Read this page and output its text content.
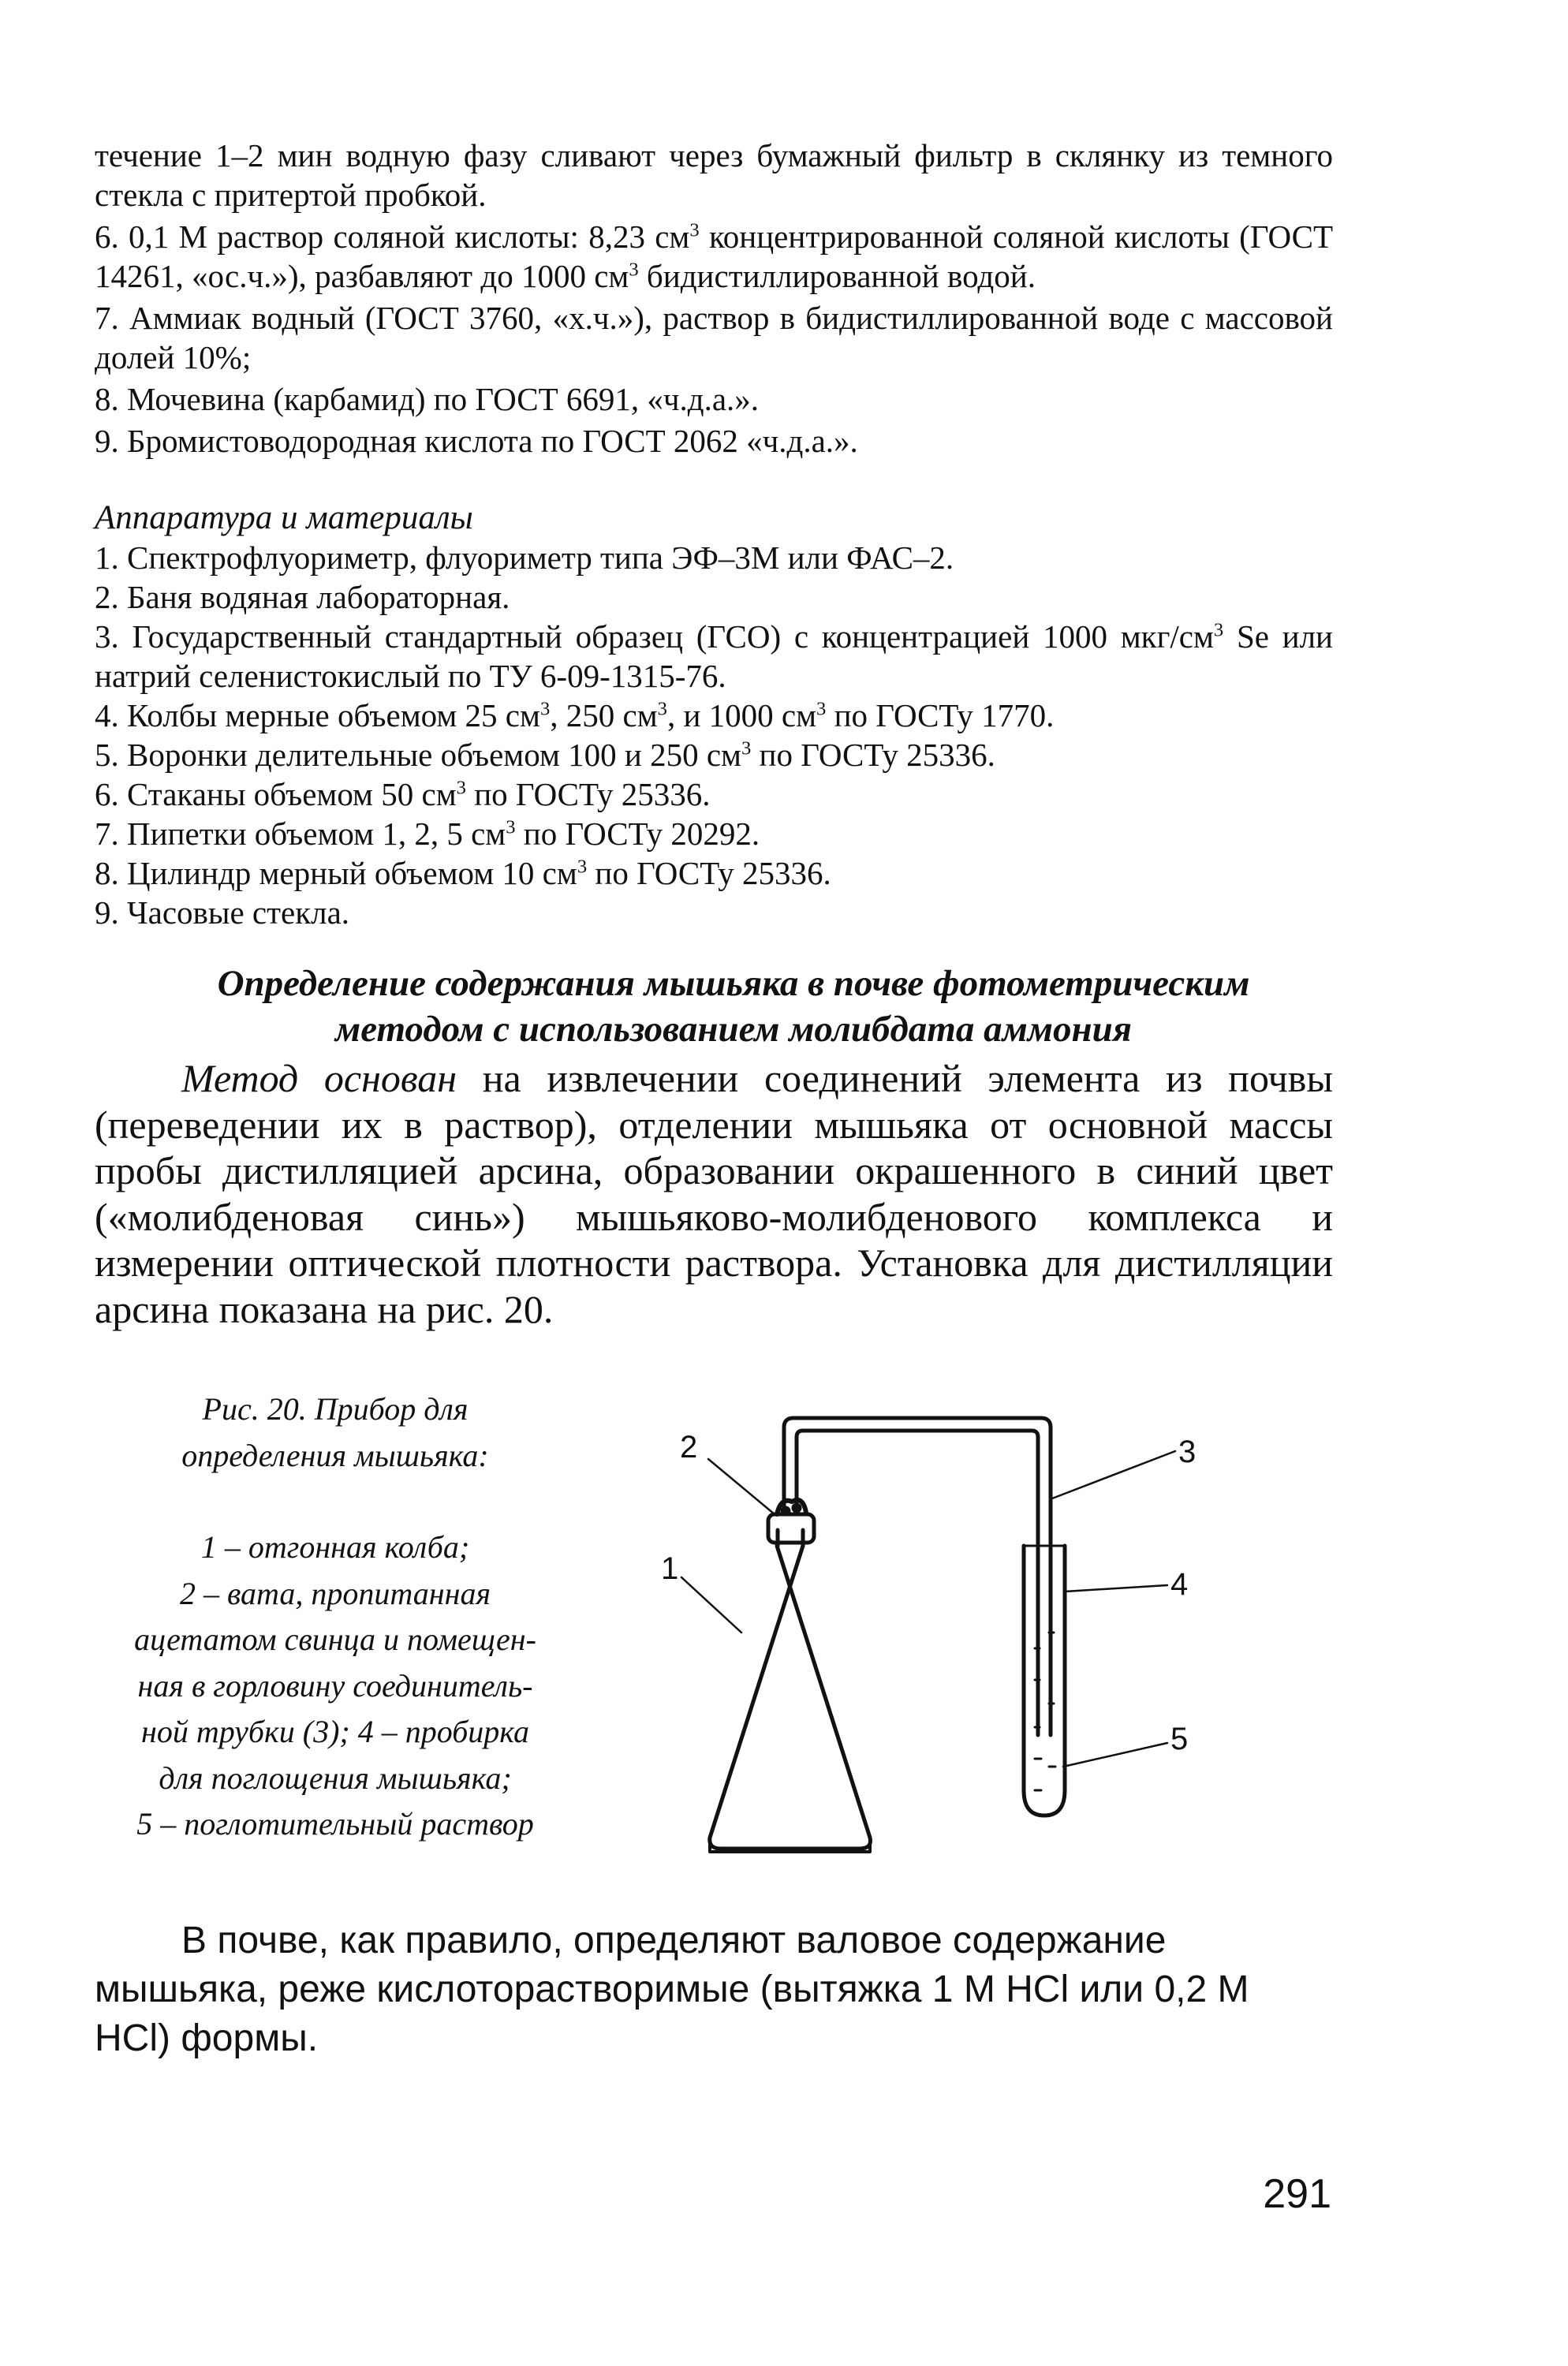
течение 1–2 мин водную фазу сливают через бумажный фильтр в склянку из темного стекла с притертой пробкой.

6. 0,1 М раствор соляной кислоты: 8,23 $см^3$ концентрированной соляной кислоты (ГОСТ 14261, «ос.ч.»), разбавляют до 1000 $см^3$ бидистиллированной водой.

7. Аммиак водный (ГОСТ 3760, «х.ч.»), раствор в бидистиллированной воде с массовой долей 10%;

8. Мочевина (карбамид) по ГОСТ 6691, «ч.д.а.».

9. Бромистоводородная кислота по ГОСТ 2062 «ч.д.а.».

Аппаратура и материалы

1. Спектрофлуориметр, флуориметр типа ЭФ–3М или ФАС–2.

2. Баня водяная лабораторная.

3. Государственный стандартный образец (ГСО) с концентрацией 1000 мкг/$см^3$ Se или натрий селенистокислый по ТУ 6-09-1315-76.

4. Колбы мерные объемом 25 $см^3$, 250 $см^3$, и 1000 $см^3$ по ГОСТу 1770.

5. Воронки делительные объемом 100 и 250 $см^3$ по ГОСТу 25336.

6. Стаканы объемом 50 $см^3$ по ГОСТу 25336.

7. Пипетки объемом 1, 2, 5 $см^3$ по ГОСТу 20292.

8. Цилиндр мерный объемом 10 $см^3$ по ГОСТу 25336.

9. Часовые стекла.

Определение содержания мышьяка в почве фотометрическим

методом с использованием молибдата аммония

Метод основан на извлечении соединений элемента из почвы (переведении их в раствор), отделении мышьяка от основной массы пробы дистилляцией арсина, образовании окрашенного в синий цвет («молибденовая синь») мышьяково-молибденового комплекса и измерении оптической плотности раствора. Установка для дистилляции арсина показана на рис. 20.

Рис. 20. Прибор для

определения мышьяка:

1 – отгонная колба;

2 – вата, пропитанная

ацетатом свинца и помещен-

ная в горловину соединитель-

ной трубки (3); 4 – пробирка

для поглощения мышьяка;

5 – поглотительный раствор

1
2	3
4
5
В почве, как правило, определяют валовое содержание мышьяка, реже кислоторастворимые (вытяжка 1 М HCl или 0,2 М HCl) формы.
291
